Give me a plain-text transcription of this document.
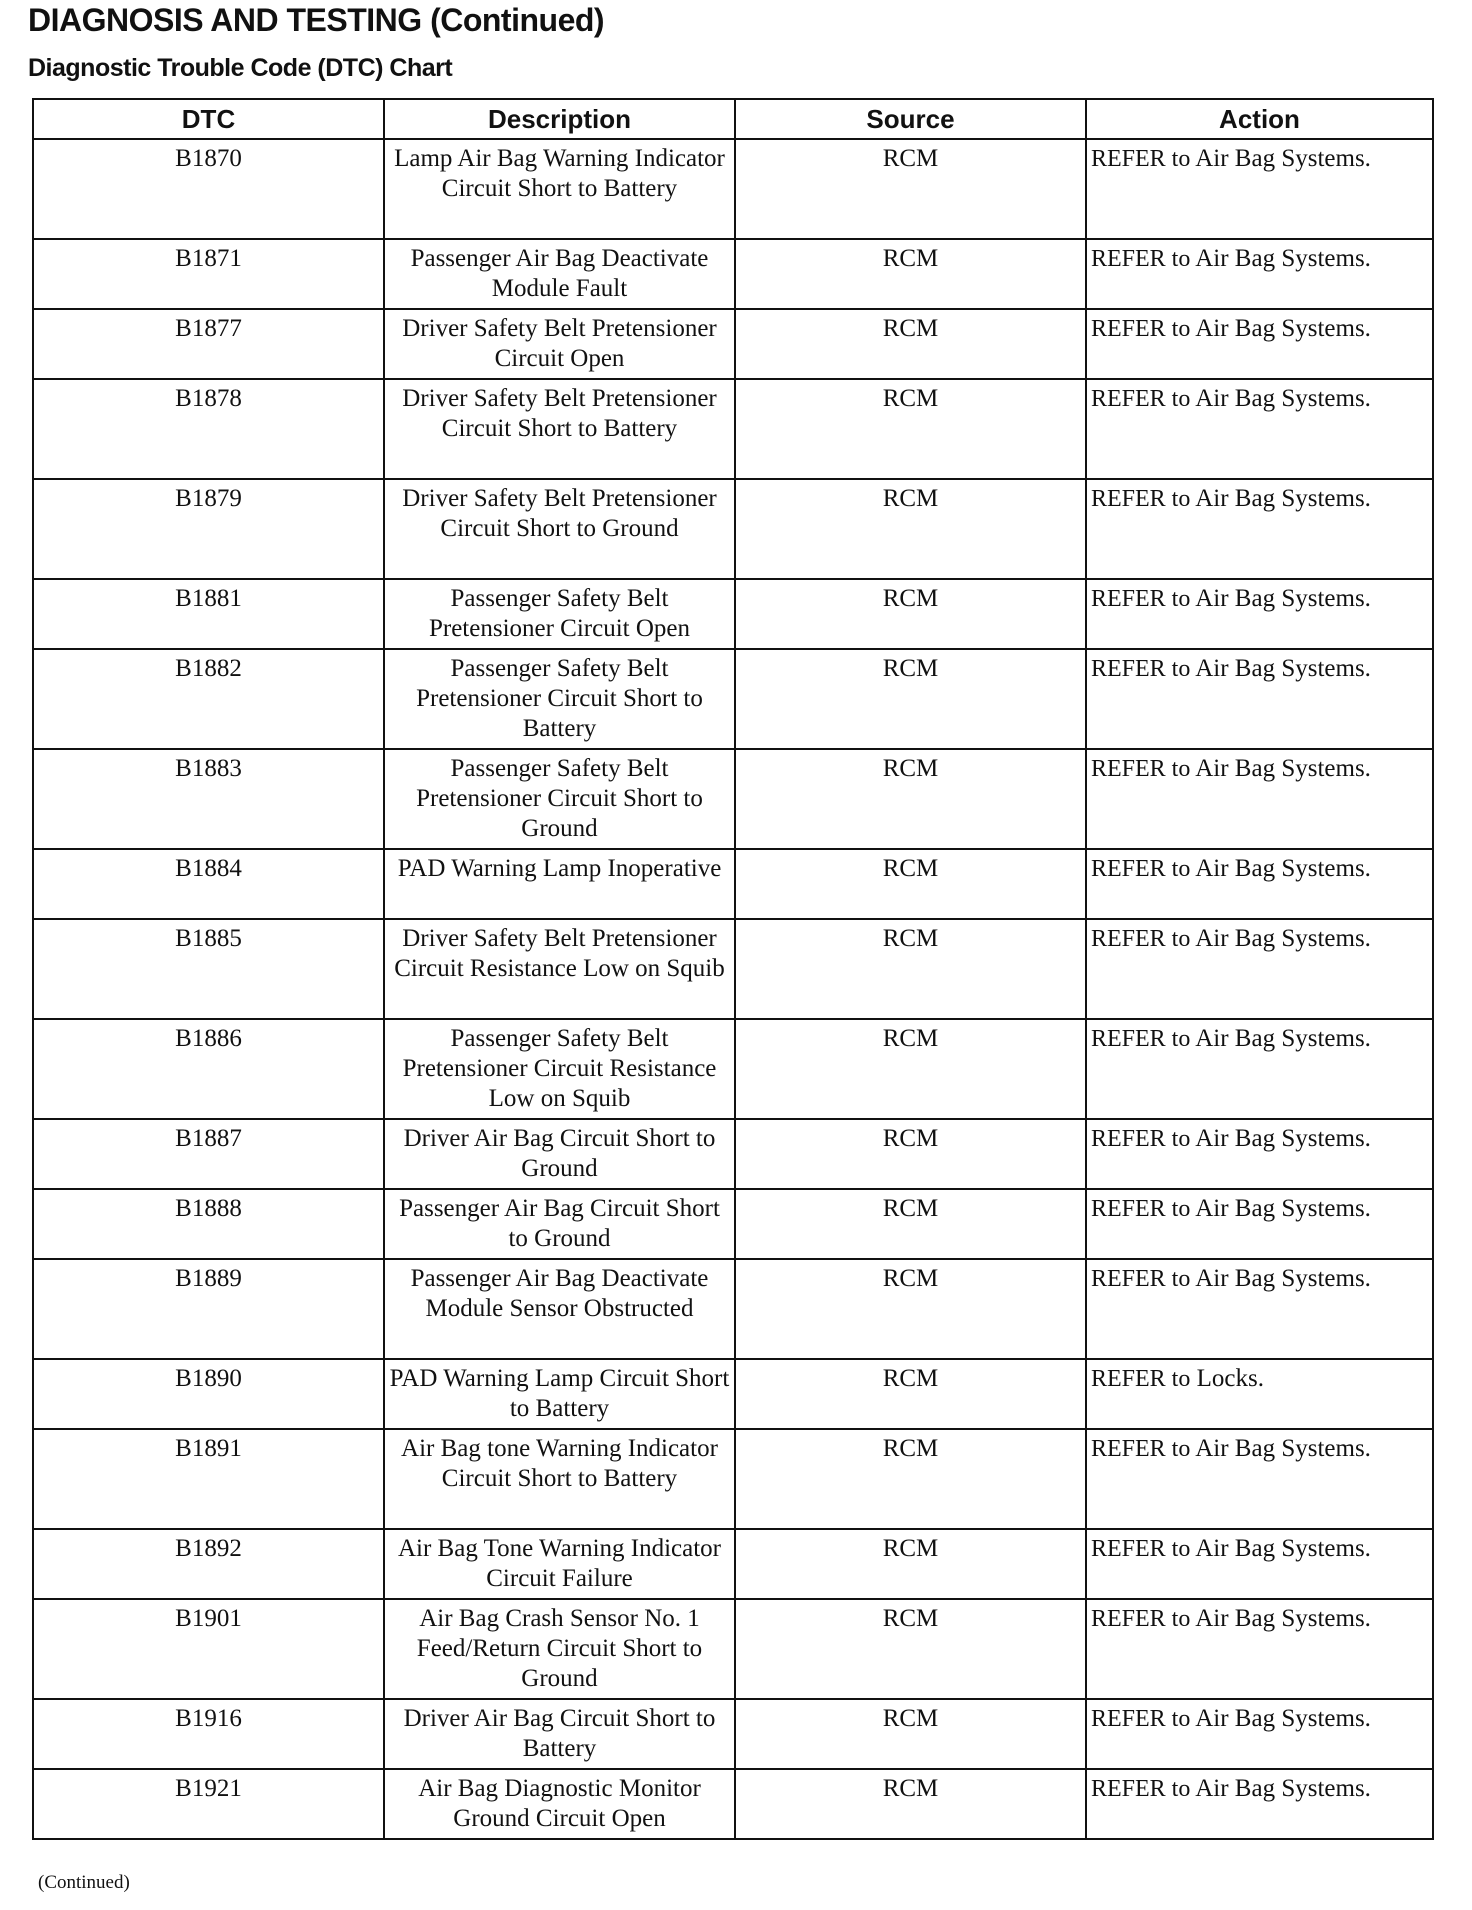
DIAGNOSIS AND TESTING (Continued)
Diagnostic Trouble Code (DTC) Chart
DTC	Description	Source	Action
B1870	Lamp Air Bag Warning Indicator Circuit Short to Battery	RCM	REFER to Air Bag Systems.
B1871	Passenger Air Bag Deactivate Module Fault	RCM	REFER to Air Bag Systems.
B1877	Driver Safety Belt Pretensioner Circuit Open	RCM	REFER to Air Bag Systems.
B1878	Driver Safety Belt Pretensioner Circuit Short to Battery	RCM	REFER to Air Bag Systems.
B1879	Driver Safety Belt Pretensioner Circuit Short to Ground	RCM	REFER to Air Bag Systems.
B1881	Passenger Safety Belt Pretensioner Circuit Open	RCM	REFER to Air Bag Systems.
B1882	Passenger Safety Belt Pretensioner Circuit Short to Battery	RCM	REFER to Air Bag Systems.
B1883	Passenger Safety Belt Pretensioner Circuit Short to Ground	RCM	REFER to Air Bag Systems.
B1884	PAD Warning Lamp Inoperative	RCM	REFER to Air Bag Systems.
B1885	Driver Safety Belt Pretensioner Circuit Resistance Low on Squib	RCM	REFER to Air Bag Systems.
B1886	Passenger Safety Belt Pretensioner Circuit Resistance Low on Squib	RCM	REFER to Air Bag Systems.
B1887	Driver Air Bag Circuit Short to Ground	RCM	REFER to Air Bag Systems.
B1888	Passenger Air Bag Circuit Short to Ground	RCM	REFER to Air Bag Systems.
B1889	Passenger Air Bag Deactivate Module Sensor Obstructed	RCM	REFER to Air Bag Systems.
B1890	PAD Warning Lamp Circuit Short to Battery	RCM	REFER to Locks.
B1891	Air Bag tone Warning Indicator Circuit Short to Battery	RCM	REFER to Air Bag Systems.
B1892	Air Bag Tone Warning Indicator Circuit Failure	RCM	REFER to Air Bag Systems.
B1901	Air Bag Crash Sensor No. 1 Feed/Return Circuit Short to Ground	RCM	REFER to Air Bag Systems.
B1916	Driver Air Bag Circuit Short to Battery	RCM	REFER to Air Bag Systems.
B1921	Air Bag Diagnostic Monitor Ground Circuit Open	RCM	REFER to Air Bag Systems.
(Continued)
